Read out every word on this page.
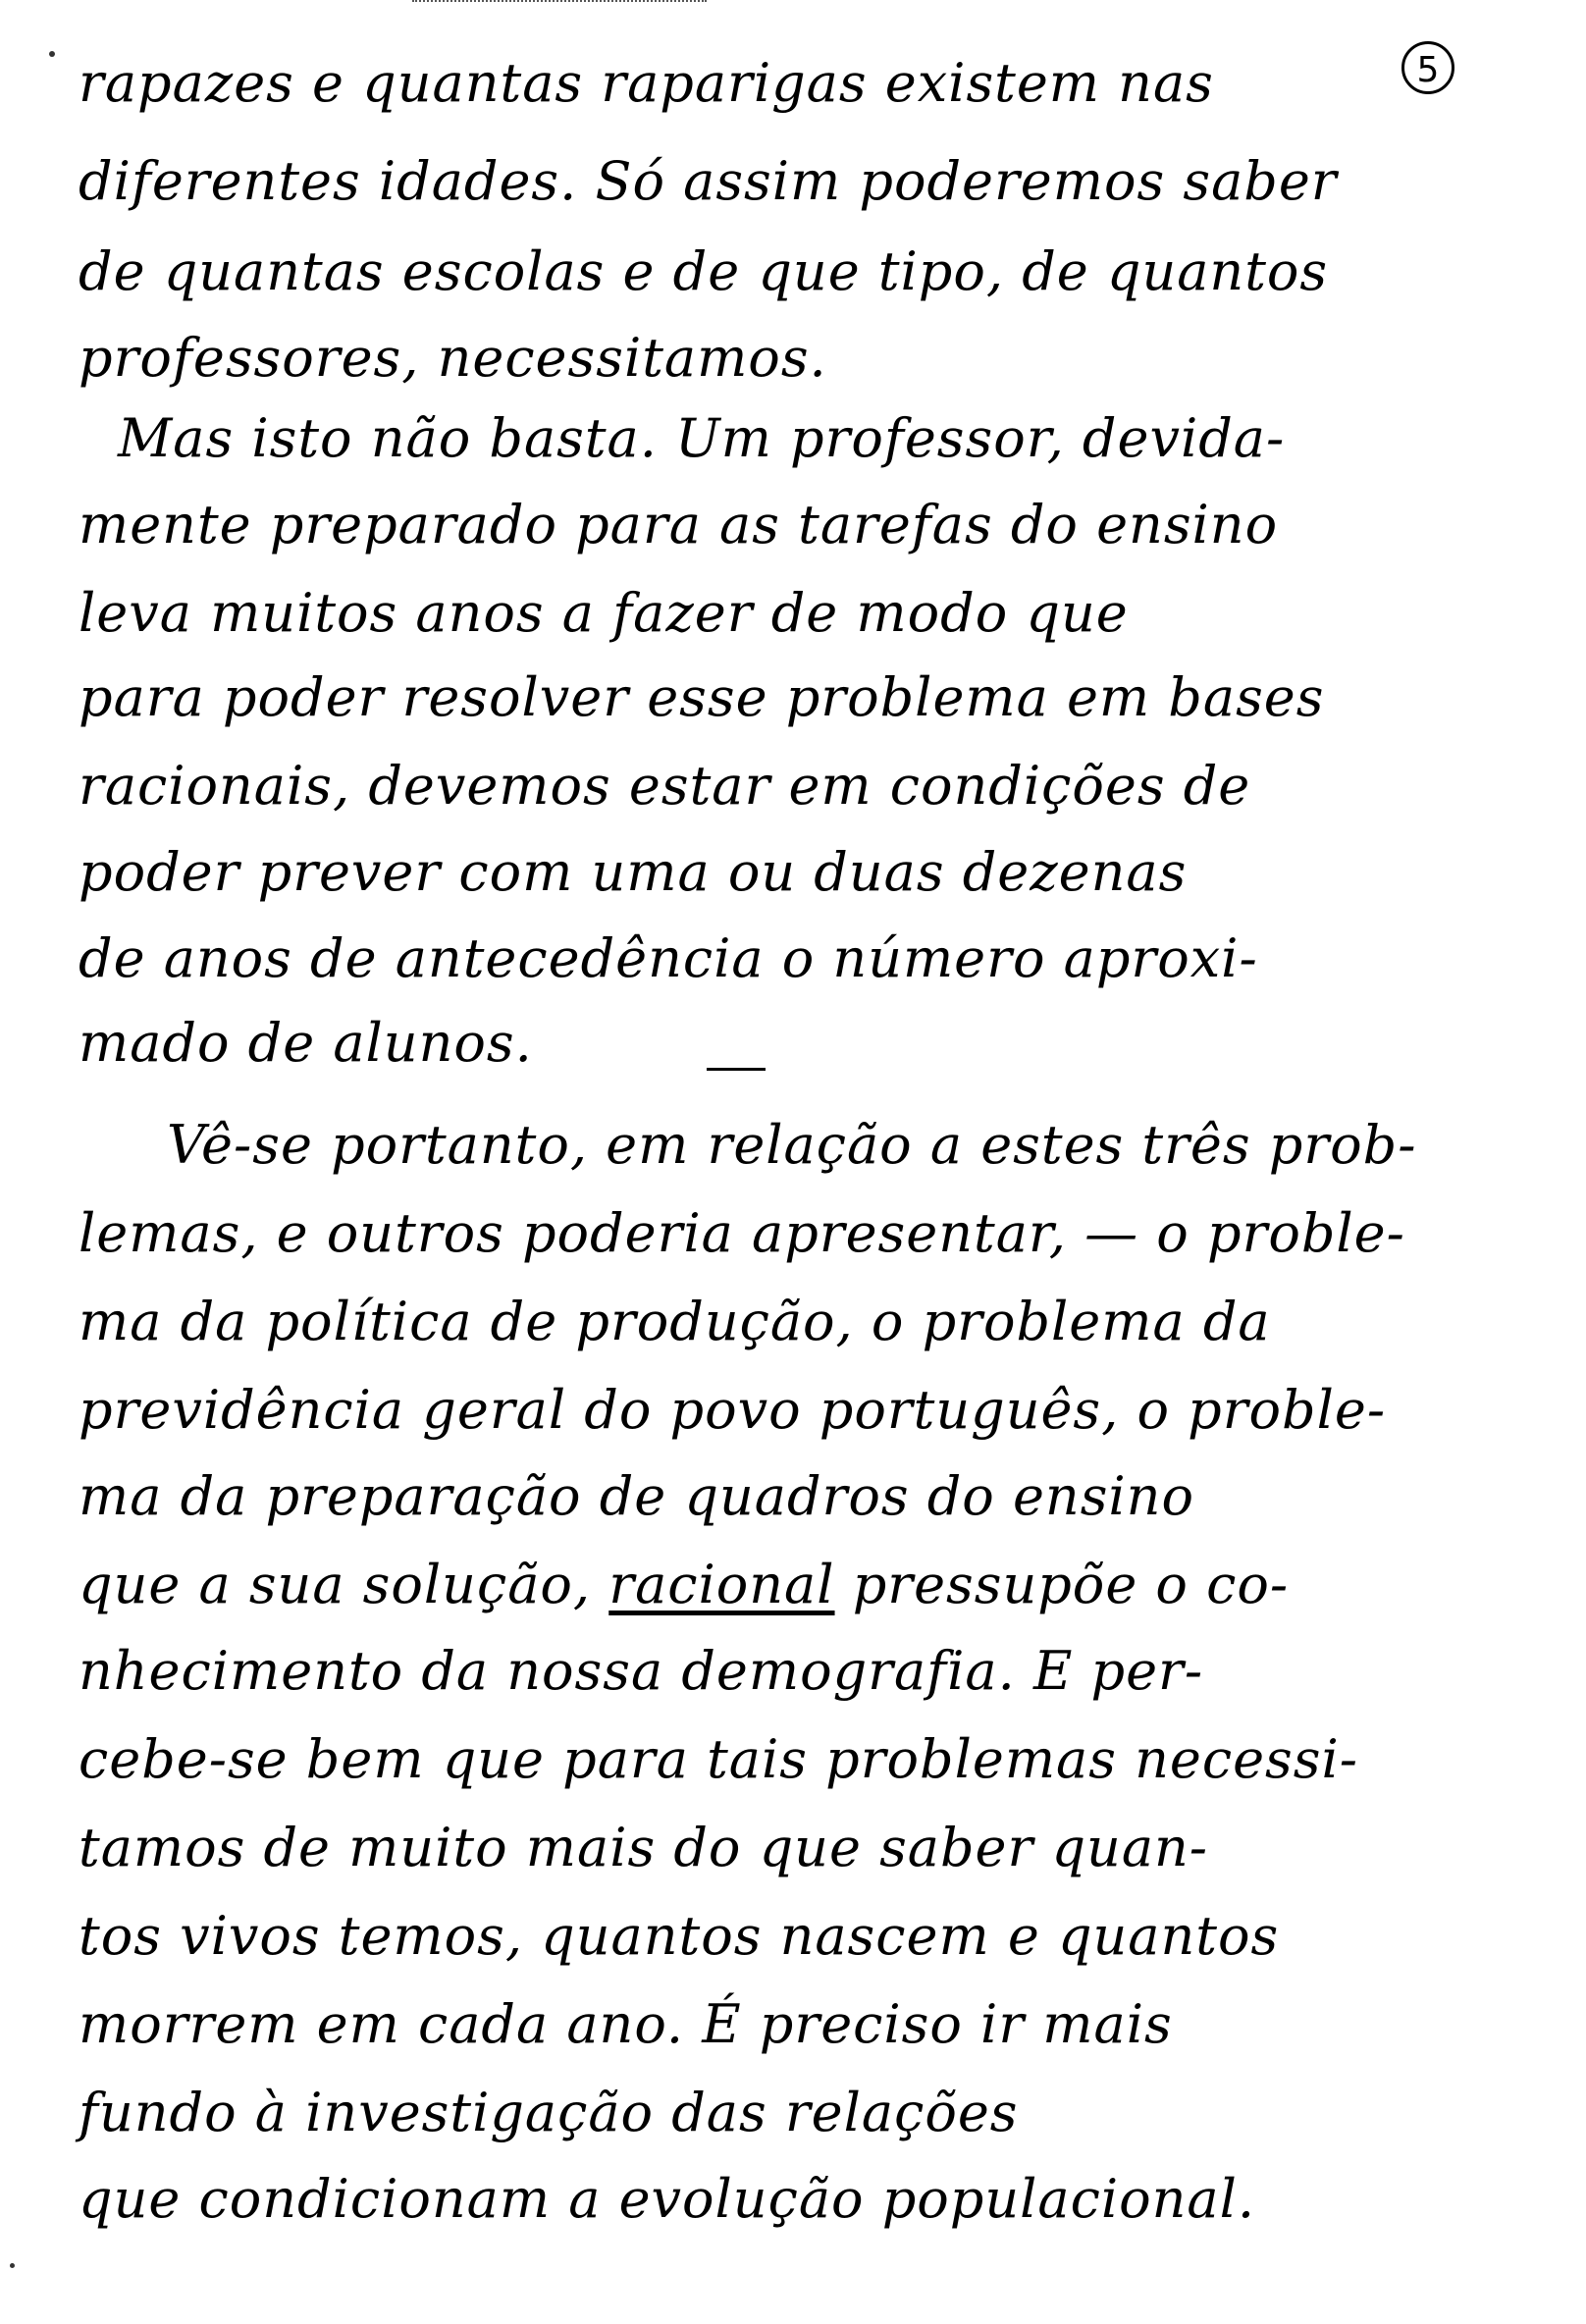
5
rapazes e quantas raparigas existem nas
diferentes idades. Só assim poderemos saber
de quantas escolas e de que tipo, de quantos
professores, necessitamos.
Mas isto não basta. Um professor, devida-
mente preparado para as tarefas do ensino
leva muitos anos a fazer de modo que
para poder resolver esse problema em bases
racionais, devemos estar em condições de
poder prever com uma ou duas dezenas
de anos de antecedência o número aproxi-
mado de alunos.
Vê-se portanto, em relação a estes três prob-
lemas, e outros poderia apresentar, — o proble-
ma da política de produção, o problema da
previdência geral do povo português, o proble-
ma da preparação de quadros do ensino
que a sua solução, racional pressupõe o co-
nhecimento da nossa demografia. E per-
cebe-se bem que para tais problemas necessi-
tamos de muito mais do que saber quan-
tos vivos temos, quantos nascem e quantos
morrem em cada ano. É preciso ir mais
fundo à investigação das relações
que condicionam a evolução populacional.
